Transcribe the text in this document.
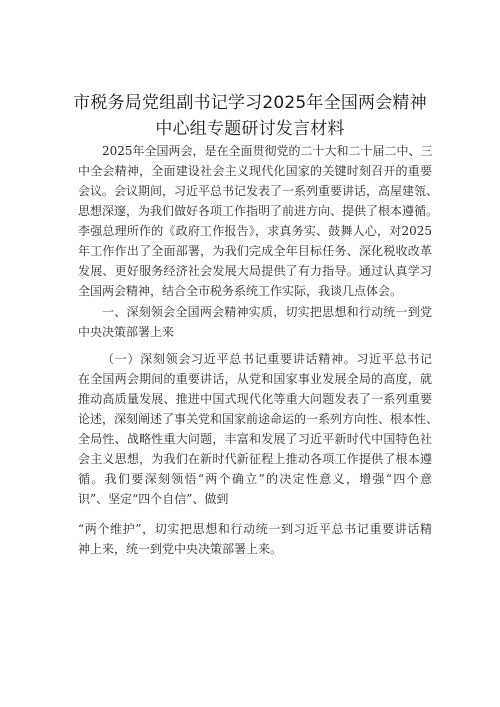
市税务局党组副书记学习2025年全国两会精神
中心组专题研讨发言材料
2025年全国两会，是在全面贯彻党的二十大和二十届二中、三
中全会精神，全面建设社会主义现代化国家的关键时刻召开的重要
会议。会议期间，习近平总书记发表了一系列重要讲话，高屋建瓴、
思想深邃，为我们做好各项工作指明了前进方向、提供了根本遵循。
李强总理所作的《政府工作报告》，求真务实、鼓舞人心，对2025
年工作作出了全面部署，为我们完成全年目标任务、深化税收改革
发展、更好服务经济社会发展大局提供了有力指导。通过认真学习
全国两会精神，结合全市税务系统工作实际，我谈几点体会。
一、深刻领会全国两会精神实质，切实把思想和行动统一到党
中央决策部署上来
（一）深刻领会习近平总书记重要讲话精神。习近平总书记
在全国两会期间的重要讲话，从党和国家事业发展全局的高度，就
推动高质量发展、推进中国式现代化等重大问题发表了一系列重要
论述，深刻阐述了事关党和国家前途命运的一系列方向性、根本性、
全局性、战略性重大问题，丰富和发展了习近平新时代中国特色社
会主义思想，为我们在新时代新征程上推动各项工作提供了根本遵
循。我们要深刻领悟“两个确立”的决定性意义，增强“四个意
识”、坚定“四个自信”、做到
“两个维护”，切实把思想和行动统一到习近平总书记重要讲话精
神上来，统一到党中央决策部署上来。
